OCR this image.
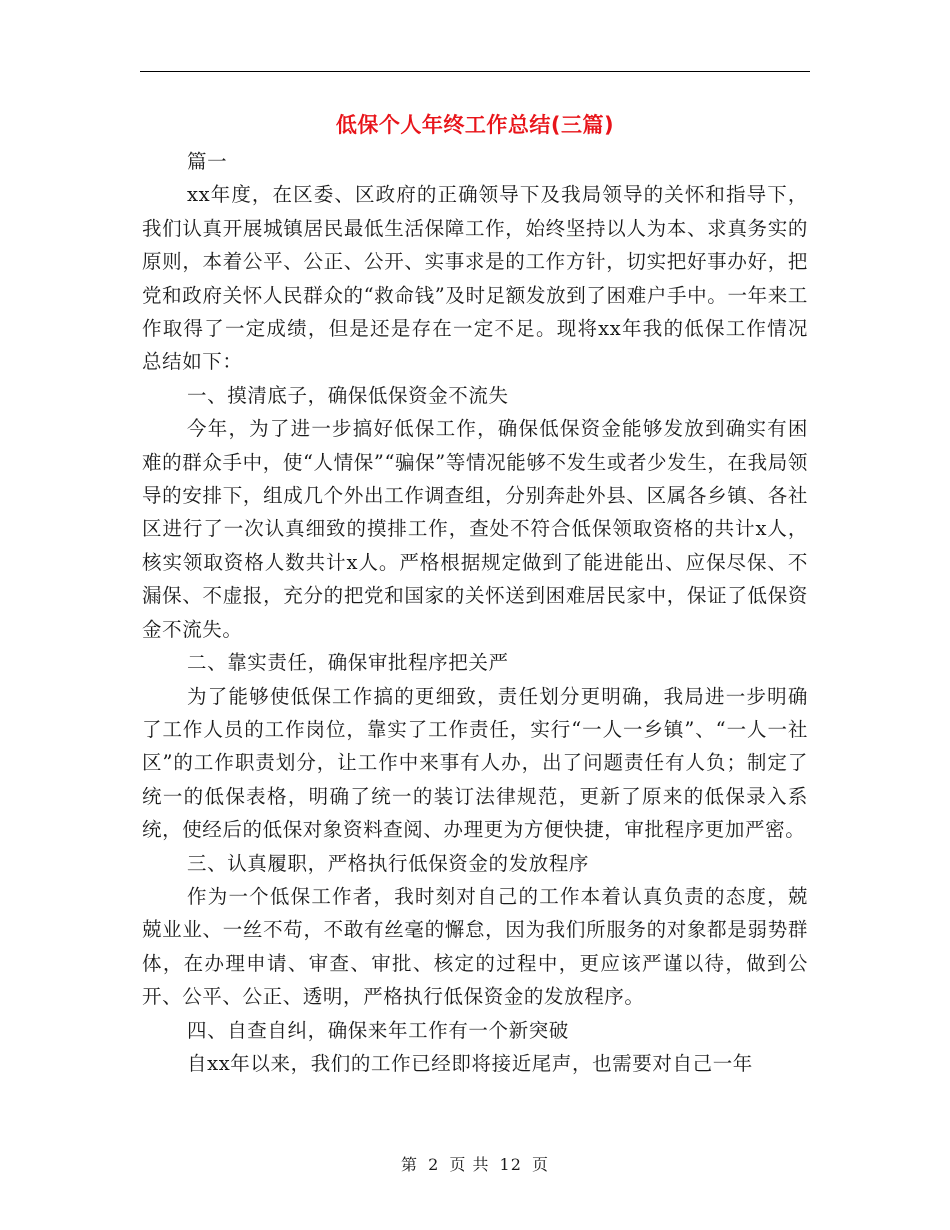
低保个人年终工作总结(三篇)

篇一

xx年度，在区委、区政府的正确领导下及我局领导的关怀和指导下，我们认真开展城镇居民最低生活保障工作，始终坚持以人为本、求真务实的原则，本着公平、公正、公开、实事求是的工作方针，切实把好事办好，把党和政府关怀人民群众的“救命钱”及时足额发放到了困难户手中。一年来工作取得了一定成绩，但是还是存在一定不足。现将xx年我的低保工作情况总结如下：

一、摸清底子，确保低保资金不流失

今年，为了进一步搞好低保工作，确保低保资金能够发放到确实有困难的群众手中，使“人情保”“骗保”等情况能够不发生或者少发生，在我局领导的安排下，组成几个外出工作调查组，分别奔赴外县、区属各乡镇、各社区进行了一次认真细致的摸排工作，查处不符合低保领取资格的共计x人，核实领取资格人数共计x人。严格根据规定做到了能进能出、应保尽保、不漏保、不虚报，充分的把党和国家的关怀送到困难居民家中，保证了低保资金不流失。

二、靠实责任，确保审批程序把关严

为了能够使低保工作搞的更细致，责任划分更明确，我局进一步明确了工作人员的工作岗位，靠实了工作责任，实行“一人一乡镇”、“一人一社区”的工作职责划分，让工作中来事有人办，出了问题责任有人负；制定了统一的低保表格，明确了统一的装订法律规范，更新了原来的低保录入系统，使经后的低保对象资料查阅、办理更为方便快捷，审批程序更加严密。

三、认真履职，严格执行低保资金的发放程序

作为一个低保工作者，我时刻对自己的工作本着认真负责的态度，兢兢业业、一丝不苟，不敢有丝毫的懈怠，因为我们所服务的对象都是弱势群体，在办理申请、审查、审批、核定的过程中，更应该严谨以待，做到公开、公平、公正、透明，严格执行低保资金的发放程序。

四、自查自纠，确保来年工作有一个新突破

自xx年以来，我们的工作已经即将接近尾声，也需要对自己一年

第 2 页 共 12 页
